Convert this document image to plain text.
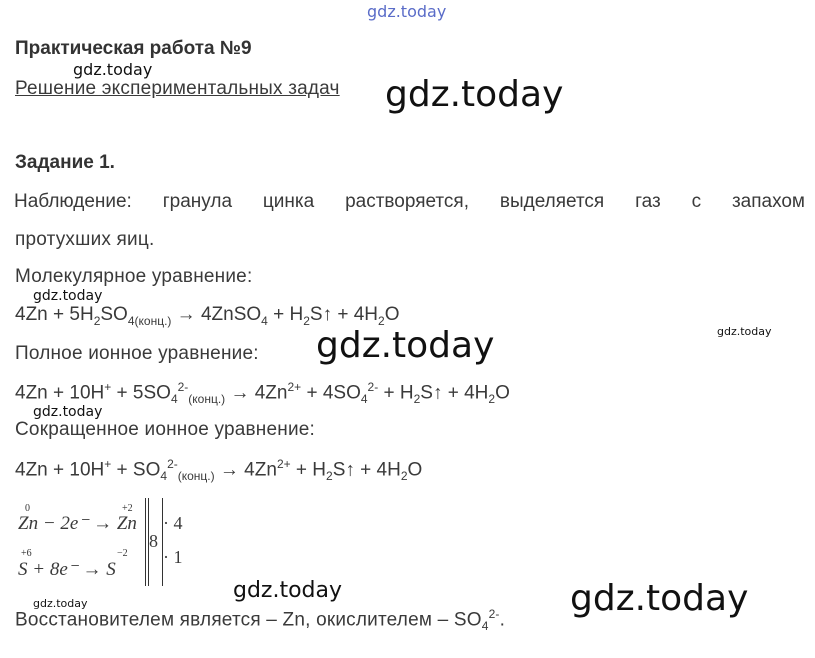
gdz.today
gdz.today
gdz.today
gdz.today
gdz.today
gdz.today
gdz.today
gdz.today	gdz.today
gdz.today
Практическая работа №9
Решение экспериментальных задач
Задание 1.
Наблюдение: гранула цинка растворяется, выделяется газ с запахом
протухших яиц.
Молекулярное уравнение:
$4Zn + 5H_2SO_{4(конц.)}$ → 4ZnSO$_4$ + $H_2S↑ + 4H_2O$
Полное ионное уравнение:
$4Zn + 10H^+ + 5SO_4^{2-}_{(конц.)} \to 4Zn^{2+} + 4SO_4^{2-}$ + $H_2S↑ + 4H_2O$
Сокращенное ионное уравнение:
$4Zn + 10H^+ + SO_4^{2-}_{(конц.)} \to 4Zn^{2+}$ + $H_2S↑ + 4H_2O$
0	+2
Zn − 2e⁻ → Zn
+6	−2
S + 8e⁻ → S
8
· 4
· 1
Восстановителем является – Zn, окислителем – $SO_4^{2-}$.
